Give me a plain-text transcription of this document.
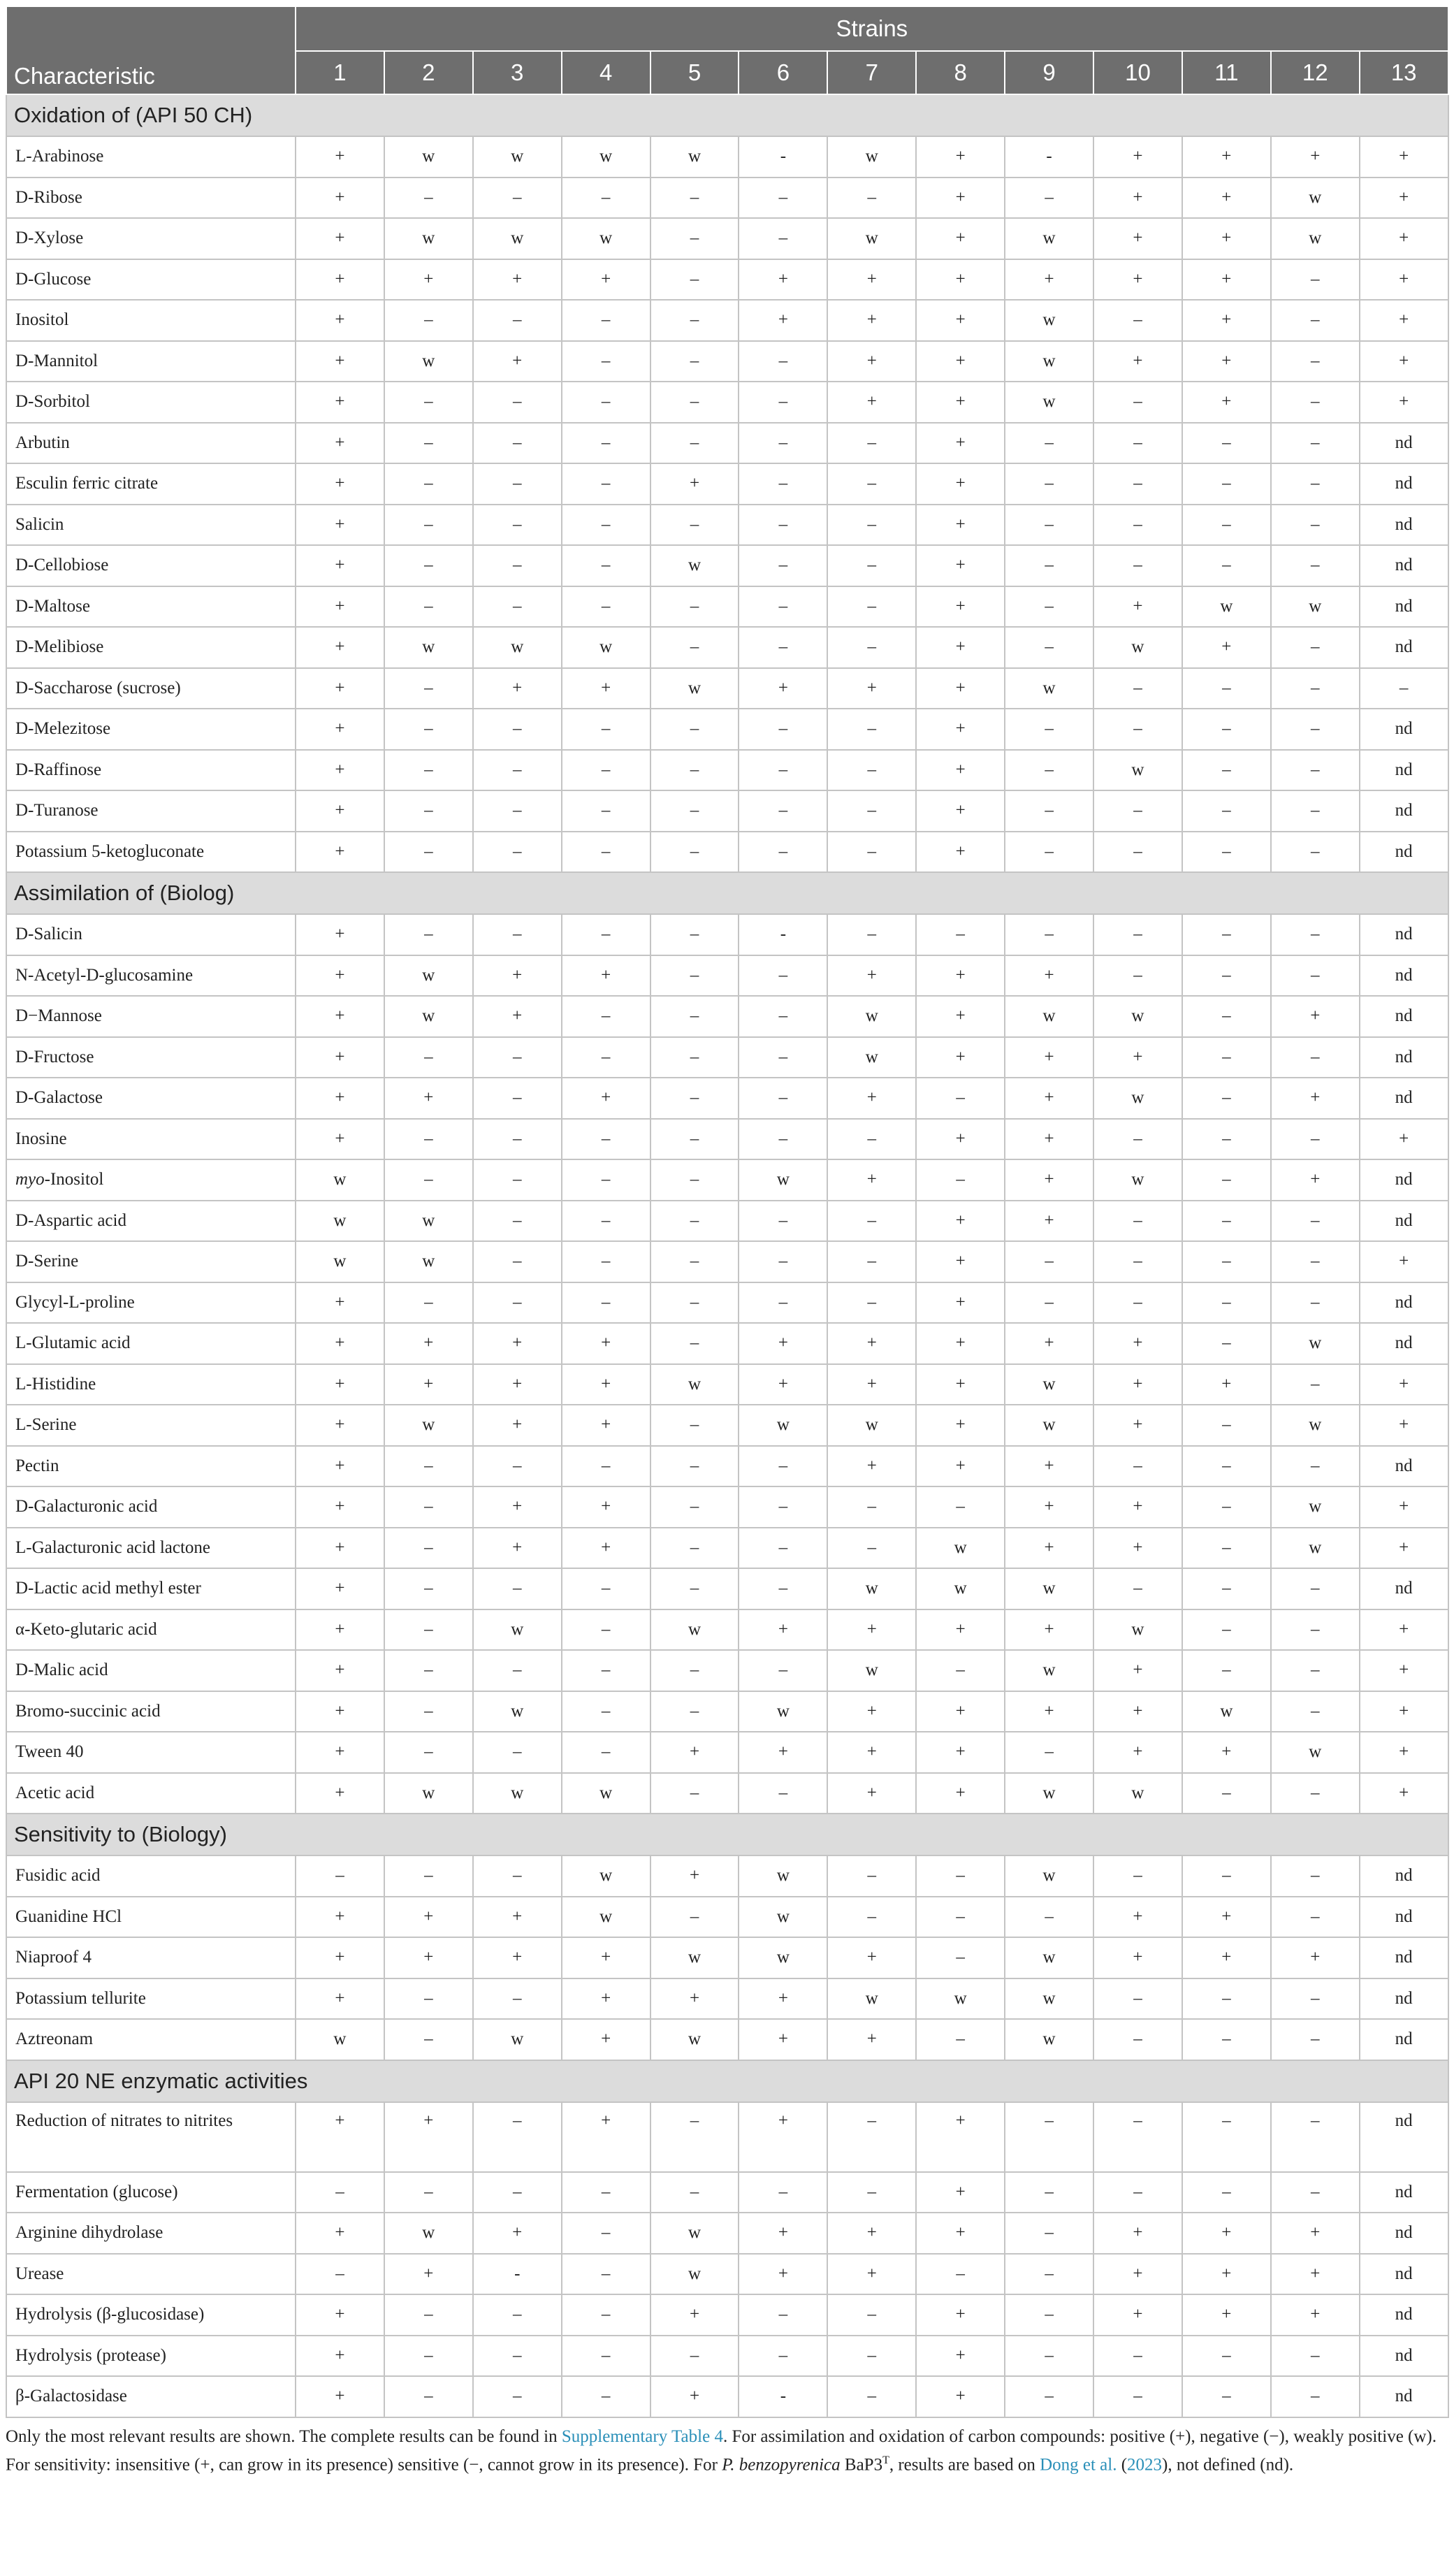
Characteristic	Strains												
	1	2	3	4	5	6	7	8	9	10	11	12	13
Oxidation of (API 50 CH)													
L-Arabinose	+	w	w	w	w	-	w	+	-	+	+	+	+
D-Ribose	+	–	–	–	–	–	–	+	–	+	+	w	+
D-Xylose	+	w	w	w	–	–	w	+	w	+	+	w	+
D-Glucose	+	+	+	+	–	+	+	+	+	+	+	–	+
Inositol	+	–	–	–	–	+	+	+	w	–	+	–	+
D-Mannitol	+	w	+	–	–	–	+	+	w	+	+	–	+
D-Sorbitol	+	–	–	–	–	–	+	+	w	–	+	–	+
Arbutin	+	–	–	–	–	–	–	+	–	–	–	–	nd
Esculin ferric citrate	+	–	–	–	+	–	–	+	–	–	–	–	nd
Salicin	+	–	–	–	–	–	–	+	–	–	–	–	nd
D-Cellobiose	+	–	–	–	w	–	–	+	–	–	–	–	nd
D-Maltose	+	–	–	–	–	–	–	+	–	+	w	w	nd
D-Melibiose	+	w	w	w	–	–	–	+	–	w	+	–	nd
D-Saccharose (sucrose)	+	–	+	+	w	+	+	+	w	–	–	–	–
D-Melezitose	+	–	–	–	–	–	–	+	–	–	–	–	nd
D-Raffinose	+	–	–	–	–	–	–	+	–	w	–	–	nd
D-Turanose	+	–	–	–	–	–	–	+	–	–	–	–	nd
Potassium 5-ketogluconate	+	–	–	–	–	–	–	+	–	–	–	–	nd
Assimilation of (Biolog)													
D-Salicin	+	–	–	–	–	-	–	–	–	–	–	–	nd
N-Acetyl-D-glucosamine	+	w	+	+	–	–	+	+	+	–	–	–	nd
D−Mannose	+	w	+	–	–	–	w	+	w	w	–	+	nd
D-Fructose	+	–	–	–	–	–	w	+	+	+	–	–	nd
D-Galactose	+	+	–	+	–	–	+	–	+	w	–	+	nd
Inosine	+	–	–	–	–	–	–	+	+	–	–	–	+
myo-Inositol	w	–	–	–	–	w	+	–	+	w	–	+	nd
D-Aspartic acid	w	w	–	–	–	–	–	+	+	–	–	–	nd
D-Serine	w	w	–	–	–	–	–	+	–	–	–	–	+
Glycyl-L-proline	+	–	–	–	–	–	–	+	–	–	–	–	nd
L-Glutamic acid	+	+	+	+	–	+	+	+	+	+	–	w	nd
L-Histidine	+	+	+	+	w	+	+	+	w	+	+	–	+
L-Serine	+	w	+	+	–	w	w	+	w	+	–	w	+
Pectin	+	–	–	–	–	–	+	+	+	–	–	–	nd
D-Galacturonic acid	+	–	+	+	–	–	–	–	+	+	–	w	+
L-Galacturonic acid lactone	+	–	+	+	–	–	–	w	+	+	–	w	+
D-Lactic acid methyl ester	+	–	–	–	–	–	w	w	w	–	–	–	nd
α-Keto-glutaric acid	+	–	w	–	w	+	+	+	+	w	–	–	+
D-Malic acid	+	–	–	–	–	–	w	–	w	+	–	–	+
Bromo-succinic acid	+	–	w	–	–	w	+	+	+	+	w	–	+
Tween 40	+	–	–	–	+	+	+	+	–	+	+	w	+
Acetic acid	+	w	w	w	–	–	+	+	w	w	–	–	+
Sensitivity to (Biology)													
Fusidic acid	–	–	–	w	+	w	–	–	w	–	–	–	nd
Guanidine HCl	+	+	+	w	–	w	–	–	–	+	+	–	nd
Niaproof 4	+	+	+	+	w	w	+	–	w	+	+	+	nd
Potassium tellurite	+	–	–	+	+	+	w	w	w	–	–	–	nd
Aztreonam	w	–	w	+	w	+	+	–	w	–	–	–	nd
API 20 NE enzymatic activities													
Reduction of nitrates to nitrites	+	+	–	+	–	+	–	+	–	–	–	–	nd
Fermentation (glucose)	–	–	–	–	–	–	–	+	–	–	–	–	nd
Arginine dihydrolase	+	w	+	–	w	+	+	+	–	+	+	+	nd
Urease	–	+	-	–	w	+	+	–	–	+	+	+	nd
Hydrolysis (β-glucosidase)	+	–	–	–	+	–	–	+	–	+	+	+	nd
Hydrolysis (protease)	+	–	–	–	–	–	–	+	–	–	–	–	nd
β-Galactosidase	+	–	–	–	+	-	–	+	–	–	–	–	nd
Only the most relevant results are shown. The complete results can be found in Supplementary Table 4. For assimilation and oxidation of carbon compounds: positive (+), negative (−), weakly positive (w). For sensitivity: insensitive (+, can grow in its presence) sensitive (−, cannot grow in its presence). For P. benzopyrenica $BaP3^T$, results are based on Dong et al. (2023), not defined (nd).
